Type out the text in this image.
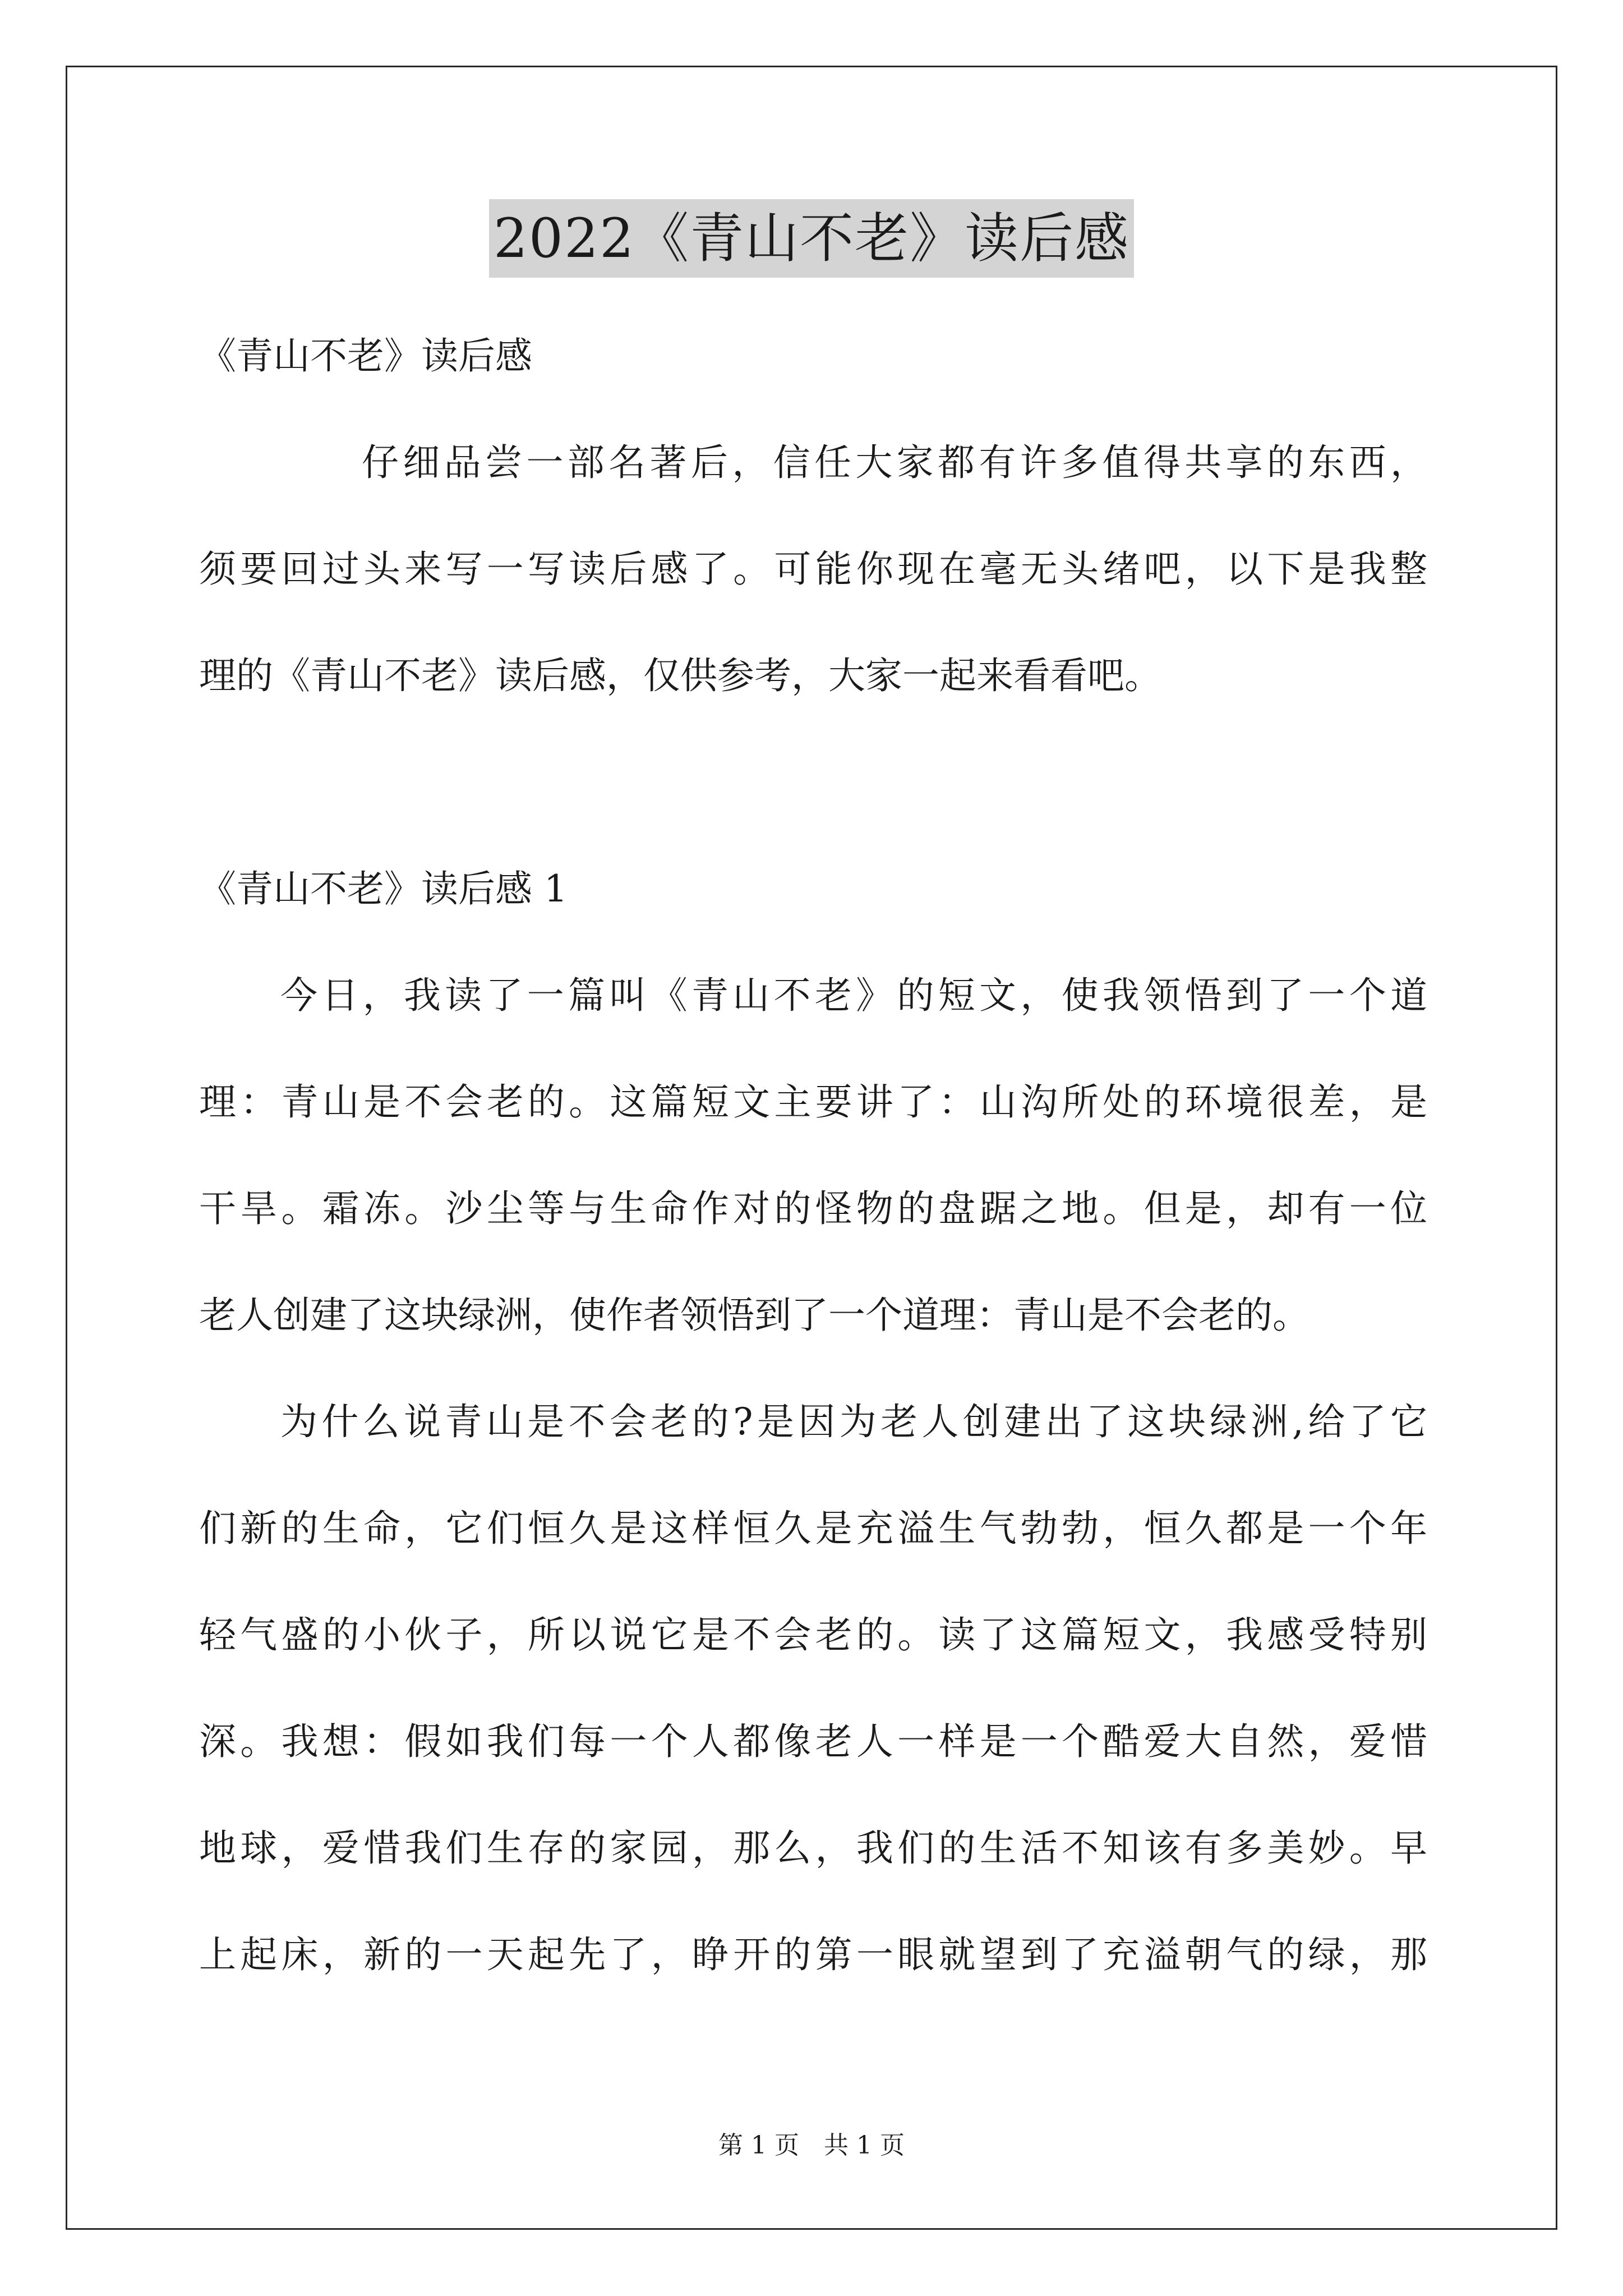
2022《青山不老》读后感
《青山不老》读后感
仔细品尝一部名著后，信任大家都有许多值得共享的东西，
须要回过头来写一写读后感了。可能你现在毫无头绪吧，以下是我整
理的《青山不老》读后感，仅供参考，大家一起来看看吧。
《青山不老》读后感 1
今日，我读了一篇叫《青山不老》的短文，使我领悟到了一个道
理：青山是不会老的。这篇短文主要讲了：山沟所处的环境很差，是
干旱。霜冻。沙尘等与生命作对的怪物的盘踞之地。但是，却有一位
老人创建了这块绿洲，使作者领悟到了一个道理：青山是不会老的。
为什么说青山是不会老的?是因为老人创建出了这块绿洲,给了它
们新的生命，它们恒久是这样恒久是充溢生气勃勃，恒久都是一个年
轻气盛的小伙子，所以说它是不会老的。读了这篇短文，我感受特别
深。我想：假如我们每一个人都像老人一样是一个酷爱大自然，爱惜
地球，爱惜我们生存的家园，那么，我们的生活不知该有多美妙。早
上起床，新的一天起先了，睁开的第一眼就望到了充溢朝气的绿，那
第 1 页 共 1 页
